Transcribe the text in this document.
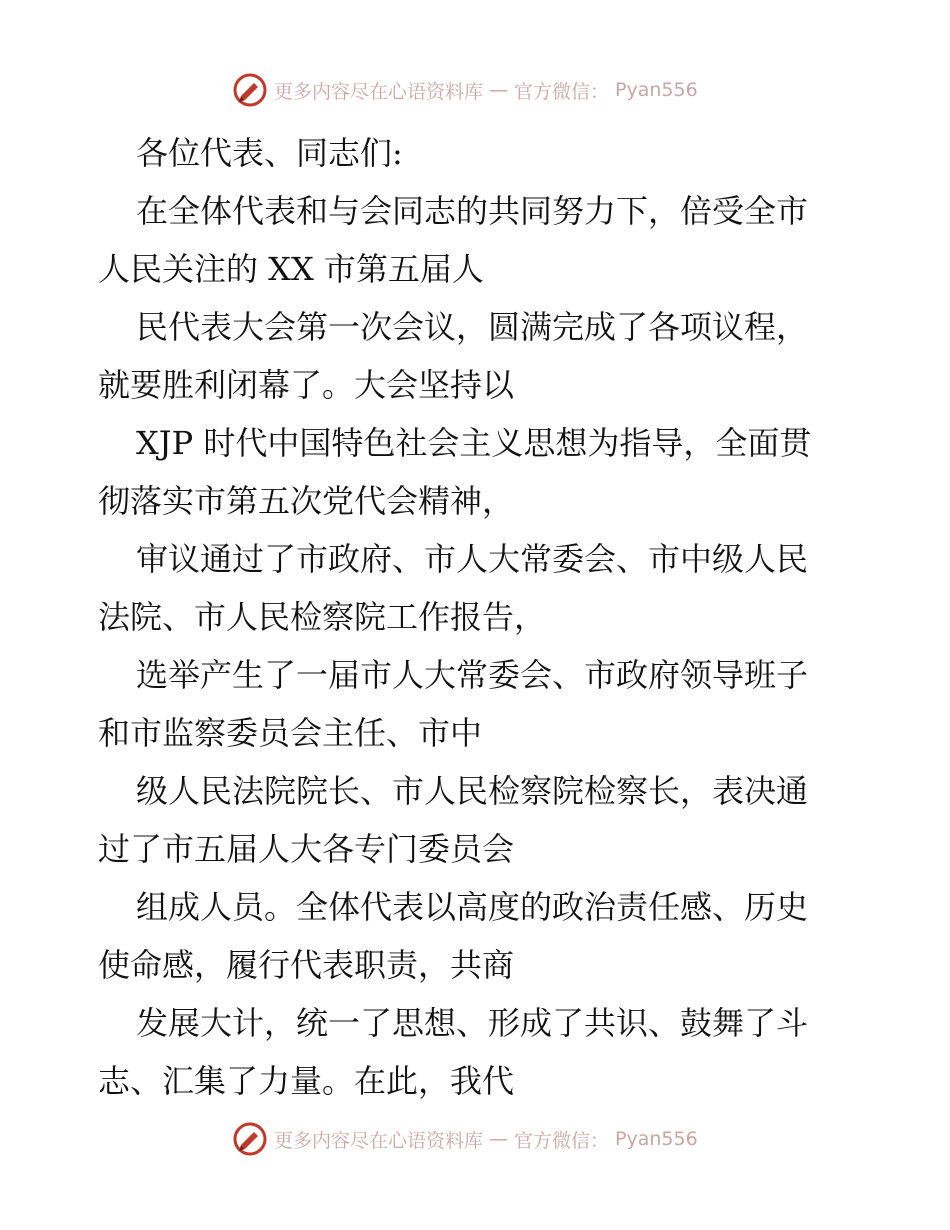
更多内容尽在心语资料库 — 官方微信： Pyan556
各位代表、同志们:
在全体代表和与会同志的共同努力下，倍受全市
人民关注的 XX 市第五届人
民代表大会第一次会议，圆满完成了各项议程，
就要胜利闭幕了。大会坚持以
XJP 时代中国特色社会主义思想为指导，全面贯
彻落实市第五次党代会精神，
审议通过了市政府、市人大常委会、市中级人民
法院、市人民检察院工作报告，
选举产生了一届市人大常委会、市政府领导班子
和市监察委员会主任、市中
级人民法院院长、市人民检察院检察长，表决通
过了市五届人大各专门委员会
组成人员。全体代表以高度的政治责任感、历史
使命感，履行代表职责，共商
发展大计，统一了思想、形成了共识、鼓舞了斗
志、汇集了力量。在此，我代
更多内容尽在心语资料库 — 官方微信： Pyan556
